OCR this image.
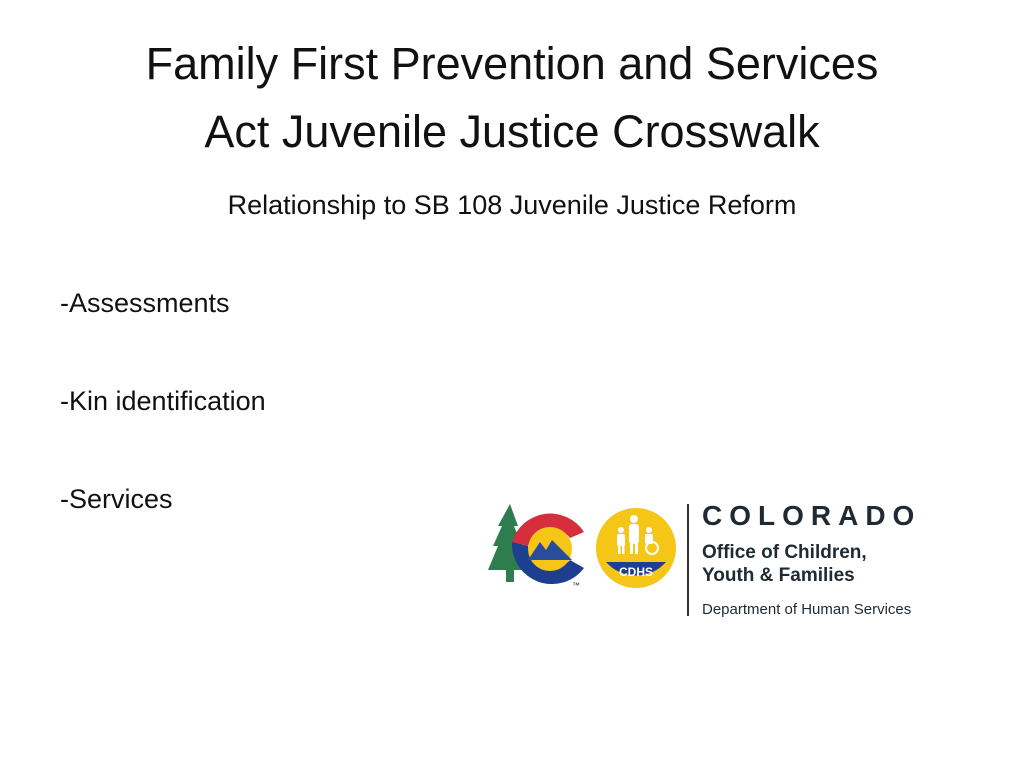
Family First Prevention and Services
Act Juvenile Justice Crosswalk

Relationship to SB 108 Juvenile Justice Reform

-Assessments
-Kin identification
-Services
™
CDHS
COLORADO
Office of Children,
Youth & Families
Department of Human Services
